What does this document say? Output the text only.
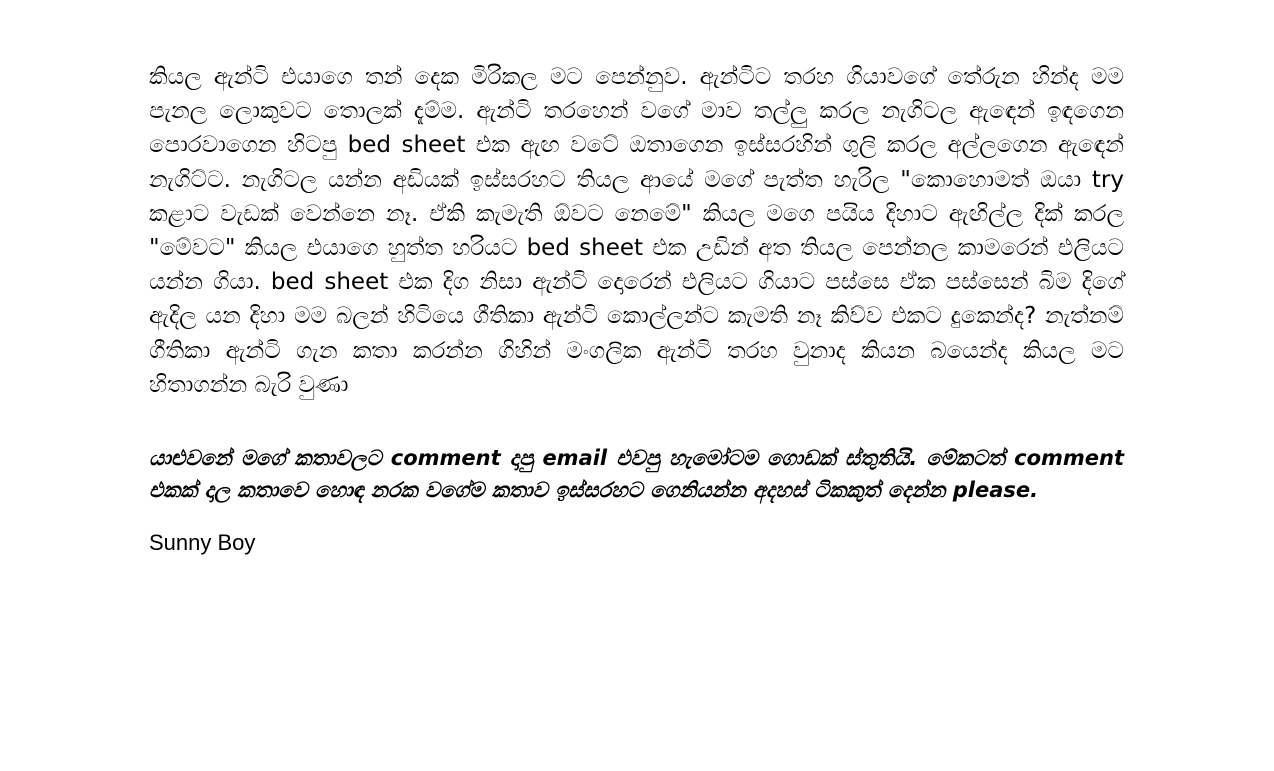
කියල ඇන්ටි එයාගෙ තන් දෙක මිරිකල මට පෙන්නුව. ඇන්ටිට තරහ ගියාවගේ තේරුන හින්ද මම පැනල ලොකුවට තොලක් දැම්ම. ඇන්ටි තරහෙන් වගේ මාව තල්ලු කරල නැගිටල ඇඳෙන් ඉඳගෙන පොරවාගෙන හිටපු bed sheet එක ඇඟ වටේ ඔතාගෙන ඉස්සරහින් ගුලි කරල අල්ලගෙන ඇඳෙන් නැගිට්ට. නැගිටල යන්න අඩියක් ඉස්සරහට තියල ආයේ මගේ පැත්ත හැරිල "කොහොමත් ඔයා try කළාට වැඩක් වෙන්නෙ නෑ. ඒකි කැමැති ඕවට නෙමේ" කියල මගෙ පයිය දිහාට ඇඟිල්ල දික් කරල "මේවට" කියල එයාගෙ හුත්ත හරියට bed sheet එක උඩින් අත තියල පෙන්නල කාමරෙන් එලියට යන්න ගියා. bed sheet එක දිග නිසා ඇන්ටි දොරෙන් එලියට ගියාට පස්සෙ ඒක පස්සෙන් බිම දිගේ ඇදිල යන දිහා මම බලන් හිටියෙ ගීතිකා ඇන්ටි කොල්ලන්ට කැමති නෑ කිව්ව එකට දුකෙන්ද? නැත්නම් ගීතිකා ඇන්ටි ගැන කතා කරන්න ගිහින් මංගලික ඇන්ටි තරහ වුනාද කියන බයෙන්ද කියල මට හිතාගන්න බැරි වුණා

යාළුවනේ මගේ කතාවලට comment දාපු email එවපු හැමෝටම ගොඩක් ස්තුතියි. මේකටත් comment එකක් දාල කතාවෙ හොඳ නරක වගේම කතාව ඉස්සරහට ගෙනියන්න අදහස් ටිකකුත් දෙන්න please.

Sunny Boy
